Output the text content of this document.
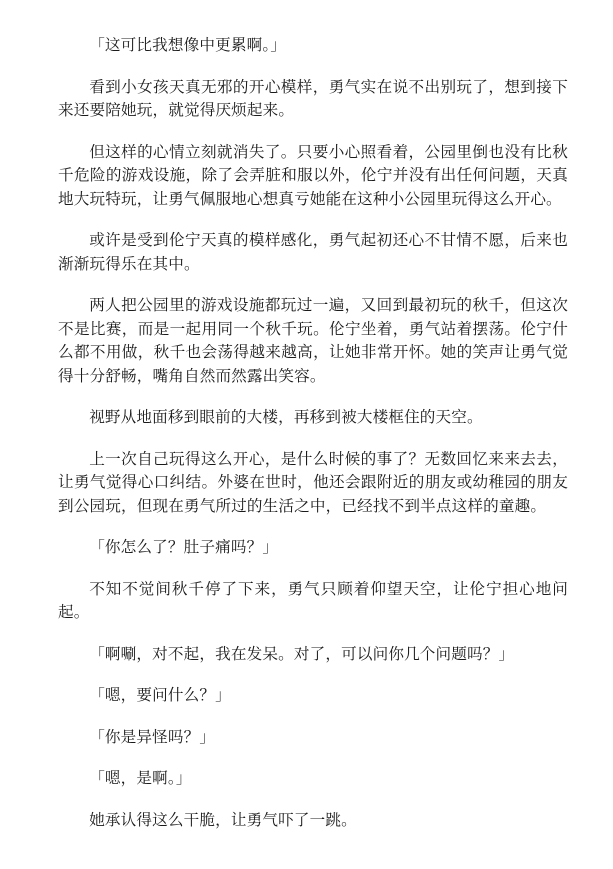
「这可比我想像中更累啊。」

看到小女孩天真无邪的开心模样，勇气实在说不出别玩了，想到接下来还要陪她玩，就觉得厌烦起来。

但这样的心情立刻就消失了。只要小心照看着，公园里倒也没有比秋千危险的游戏设施，除了会弄脏和服以外，伦宁并没有出任何问题，天真地大玩特玩，让勇气佩服地心想真亏她能在这种小公园里玩得这么开心。

或许是受到伦宁天真的模样感化，勇气起初还心不甘情不愿，后来也渐渐玩得乐在其中。

两人把公园里的游戏设施都玩过一遍，又回到最初玩的秋千，但这次不是比赛，而是一起用同一个秋千玩。伦宁坐着，勇气站着摆荡。伦宁什么都不用做，秋千也会荡得越来越高，让她非常开怀。她的笑声让勇气觉得十分舒畅，嘴角自然而然露出笑容。

视野从地面移到眼前的大楼，再移到被大楼框住的天空。

上一次自己玩得这么开心，是什么时候的事了？无数回忆来来去去，让勇气觉得心口纠结。外婆在世时，他还会跟附近的朋友或幼稚园的朋友到公园玩，但现在勇气所过的生活之中，已经找不到半点这样的童趣。

「你怎么了？肚子痛吗？」

不知不觉间秋千停了下来，勇气只顾着仰望天空，让伦宁担心地问起。

「啊唰，对不起，我在发呆。对了，可以问你几个问题吗？」

「嗯，要问什么？」

「你是异怪吗？」

「嗯，是啊。」

她承认得这么干脆，让勇气吓了一跳。
